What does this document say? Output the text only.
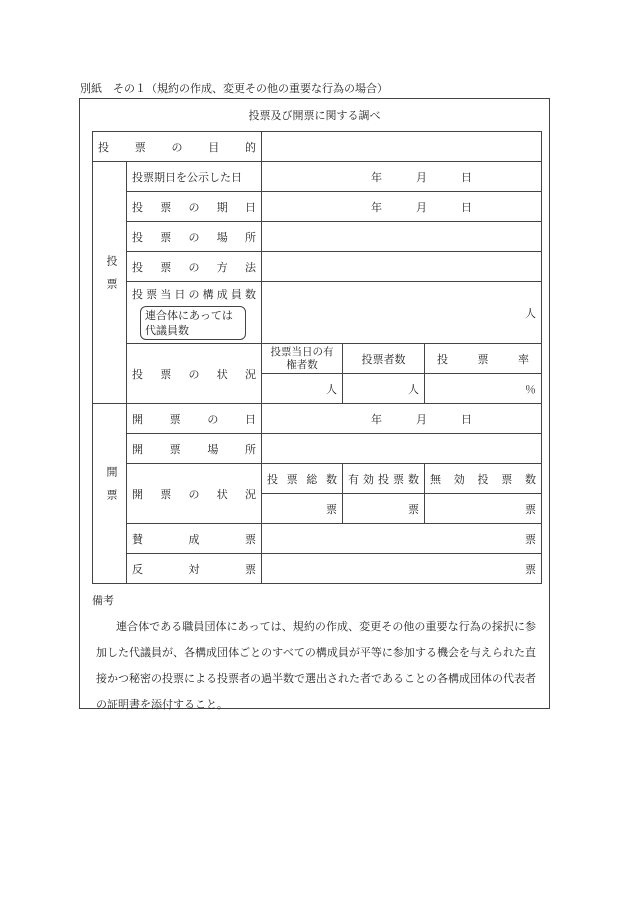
別紙　その１（規約の作成、変更その他の重要な行為の場合）
投票及び開票に関する調べ
投票の目的				
投票	投票期日を公示した日	年 月 日		

	投票の期日	年 月 日		

	投票の場所			
	投票の方法			

	投票当日の構成員数
連合体にあっては代議員数	人		
	投票の状況	投票当日の有権者数	投票者数	投票率
		人	人	％
開票	開票の日	年 月 日		

	開票場所			
	開票の状況	投票総数	有効投票数	無効投票数
		票	票	票
	賛成票	票		
	反対票	票		
備考
連合体である職員団体にあっては、規約の作成、変更その他の重要な行為の採択に参加した代議員が、各構成団体ごとのすべての構成員が平等に参加する機会を与えられた直接かつ秘密の投票による投票者の過半数で選出された者であることの各構成団体の代表者の証明書を添付すること。
